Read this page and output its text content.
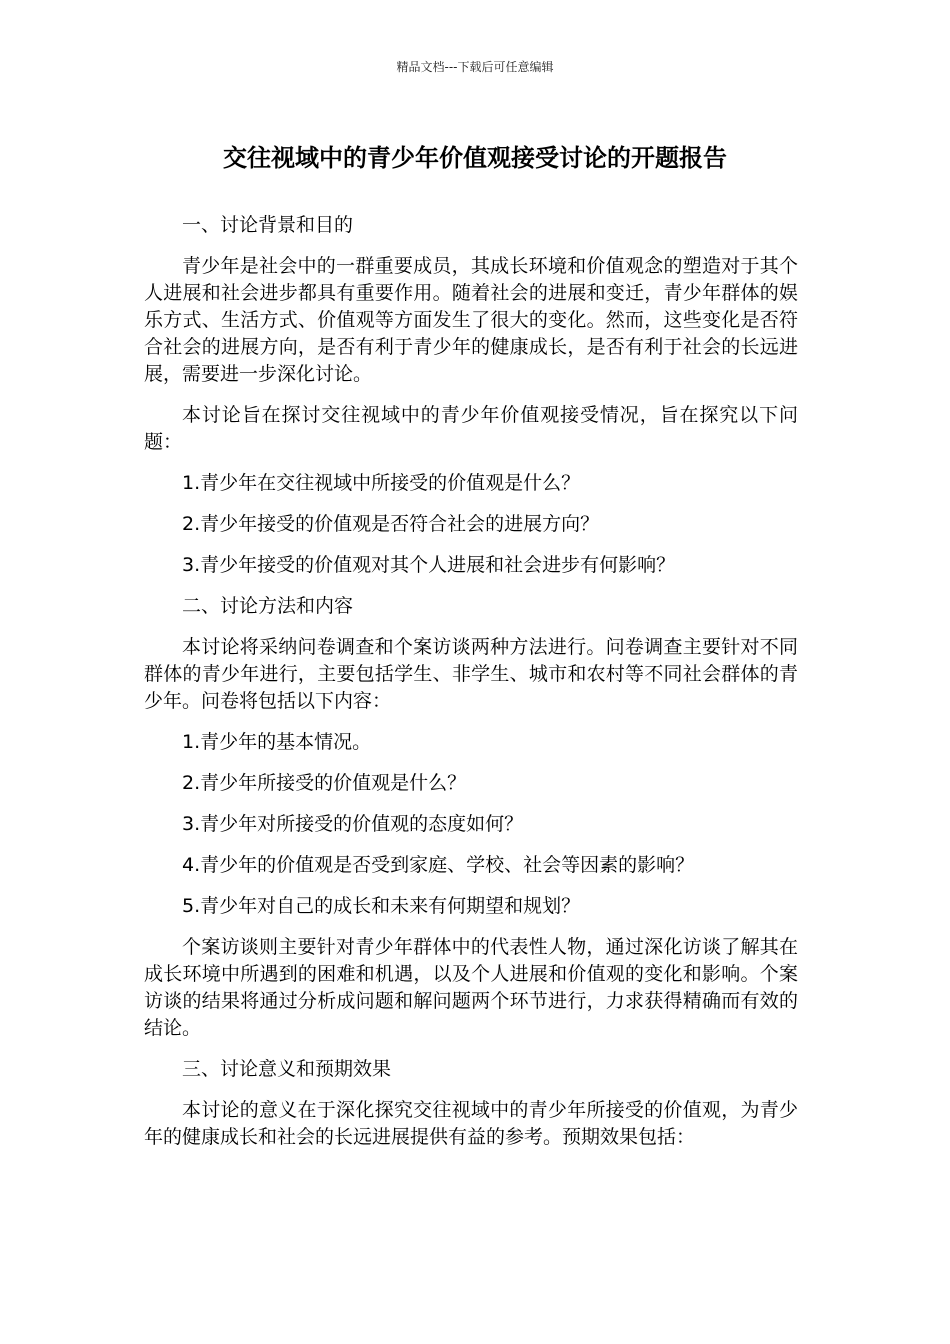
精品文档---下载后可任意编辑
交往视域中的青少年价值观接受讨论的开题报告

一、讨论背景和目的

青少年是社会中的一群重要成员，其成长环境和价值观念的塑造对于其个人进展和社会进步都具有重要作用。随着社会的进展和变迁，青少年群体的娱乐方式、生活方式、价值观等方面发生了很大的变化。然而，这些变化是否符合社会的进展方向，是否有利于青少年的健康成长，是否有利于社会的长远进展，需要进一步深化讨论。

本讨论旨在探讨交往视域中的青少年价值观接受情况，旨在探究以下问题：

1.青少年在交往视域中所接受的价值观是什么？

2.青少年接受的价值观是否符合社会的进展方向？

3.青少年接受的价值观对其个人进展和社会进步有何影响？

二、讨论方法和内容

本讨论将采纳问卷调查和个案访谈两种方法进行。问卷调查主要针对不同群体的青少年进行，主要包括学生、非学生、城市和农村等不同社会群体的青少年。问卷将包括以下内容：

1.青少年的基本情况。

2.青少年所接受的价值观是什么？

3.青少年对所接受的价值观的态度如何？

4.青少年的价值观是否受到家庭、学校、社会等因素的影响？

5.青少年对自己的成长和未来有何期望和规划？

个案访谈则主要针对青少年群体中的代表性人物，通过深化访谈了解其在成长环境中所遇到的困难和机遇，以及个人进展和价值观的变化和影响。个案访谈的结果将通过分析成问题和解问题两个环节进行，力求获得精确而有效的结论。

三、讨论意义和预期效果

本讨论的意义在于深化探究交往视域中的青少年所接受的价值观，为青少年的健康成长和社会的长远进展提供有益的参考。预期效果包括：
